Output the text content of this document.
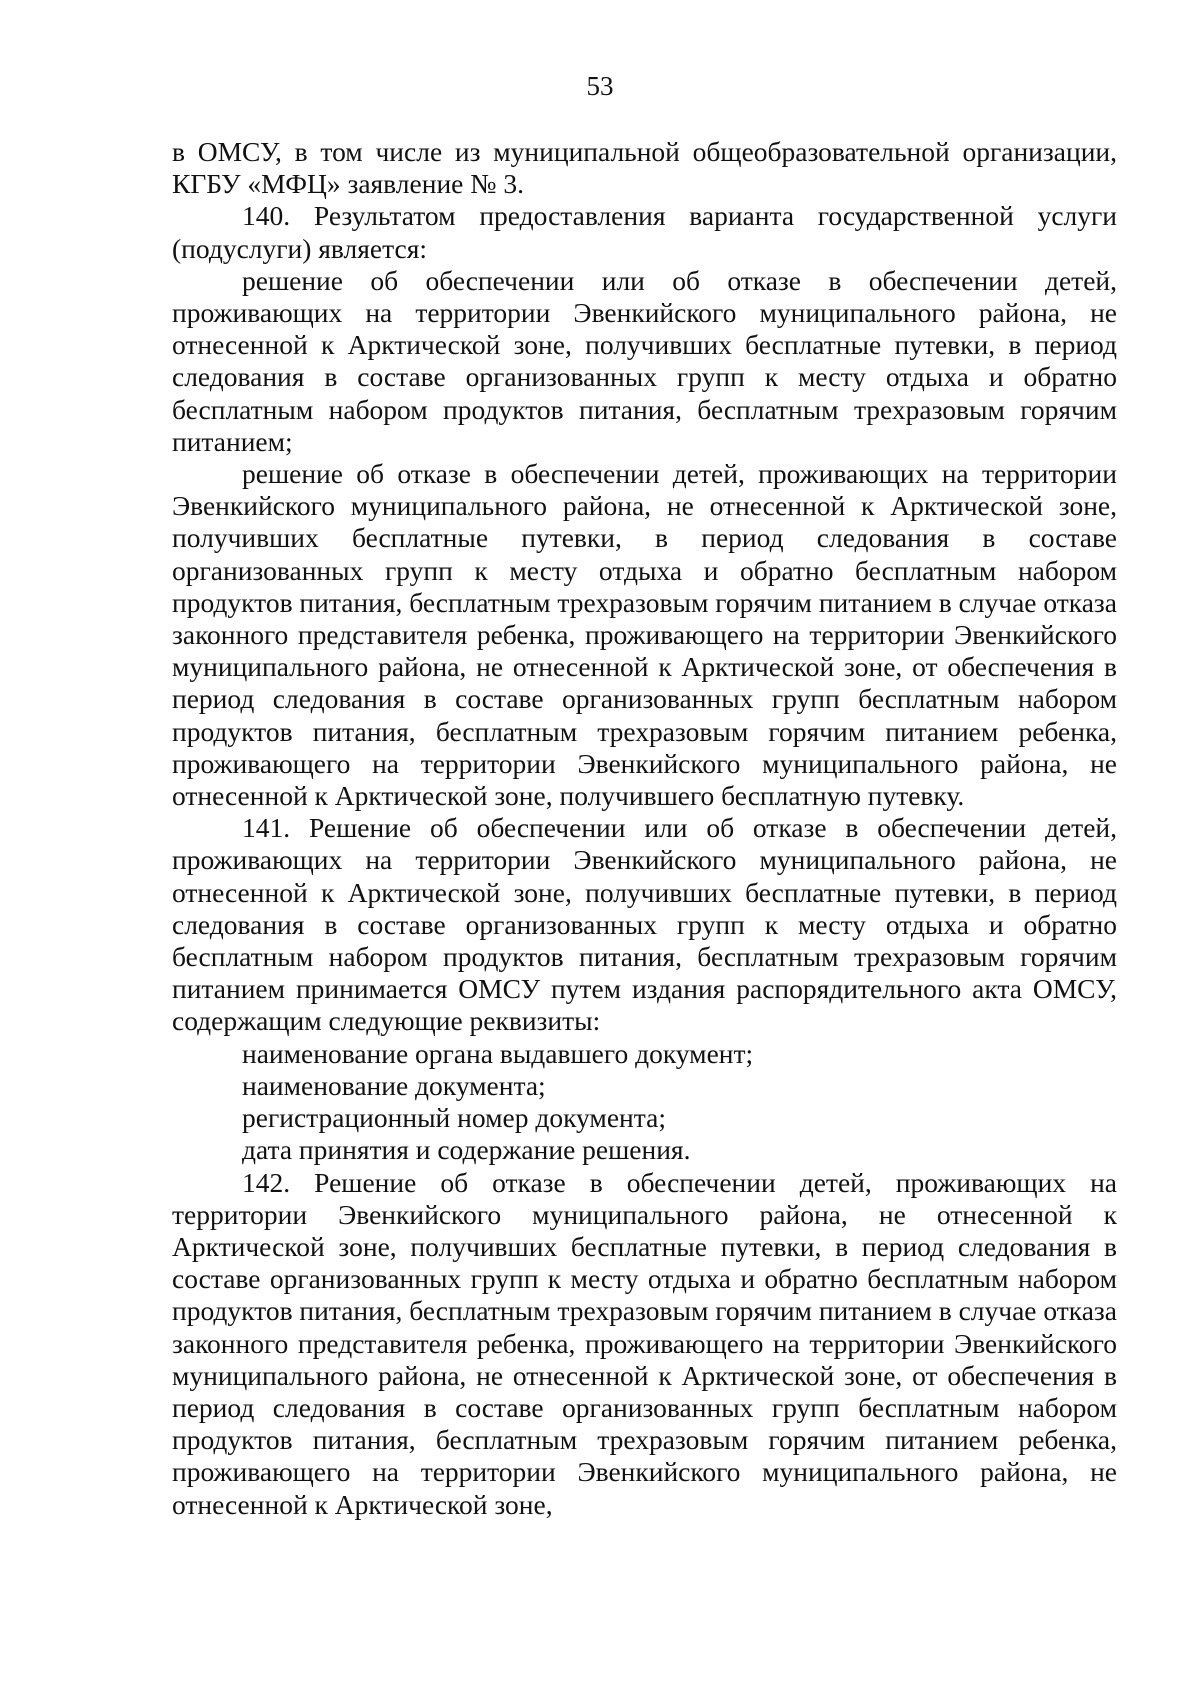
53

в ОМСУ, в том числе из муниципальной общеобразовательной организации, КГБУ «МФЦ» заявление № 3.

140. Результатом предоставления варианта государственной услуги (подуслуги) является:

решение об обеспечении или об отказе в обеспечении детей, проживающих на территории Эвенкийского муниципального района, не отнесенной к Арктической зоне, получивших бесплатные путевки, в период следования в составе организованных групп к месту отдыха и обратно бесплатным набором продуктов питания, бесплатным трехразовым горячим питанием;

решение об отказе в обеспечении детей, проживающих на территории Эвенкийского муниципального района, не отнесенной к Арктической зоне, получивших бесплатные путевки, в период следования в составе организованных групп к месту отдыха и обратно бесплатным набором продуктов питания, бесплатным трехразовым горячим питанием в случае отказа законного представителя ребенка, проживающего на территории Эвенкийского муниципального района, не отнесенной к Арктической зоне, от обеспечения в период следования в составе организованных групп бесплатным набором продуктов питания, бесплатным трехразовым горячим питанием ребенка, проживающего на территории Эвенкийского муниципального района, не отнесенной к Арктической зоне, получившего бесплатную путевку.

141. Решение об обеспечении или об отказе в обеспечении детей, проживающих на территории Эвенкийского муниципального района, не отнесенной к Арктической зоне, получивших бесплатные путевки, в период следования в составе организованных групп к месту отдыха и обратно бесплатным набором продуктов питания, бесплатным трехразовым горячим питанием принимается ОМСУ путем издания распорядительного акта ОМСУ, содержащим следующие реквизиты:

наименование органа выдавшего документ;

наименование документа;

регистрационный номер документа;

дата принятия и содержание решения.

142. Решение об отказе в обеспечении детей, проживающих на территории Эвенкийского муниципального района, не отнесенной к Арктической зоне, получивших бесплатные путевки, в период следования в составе организованных групп к месту отдыха и обратно бесплатным набором продуктов питания, бесплатным трехразовым горячим питанием в случае отказа законного представителя ребенка, проживающего на территории Эвенкийского муниципального района, не отнесенной к Арктической зоне, от обеспечения в период следования в составе организованных групп бесплатным набором продуктов питания, бесплатным трехразовым горячим питанием ребенка, проживающего на территории Эвенкийского муниципального района, не отнесенной к Арктической зоне,
